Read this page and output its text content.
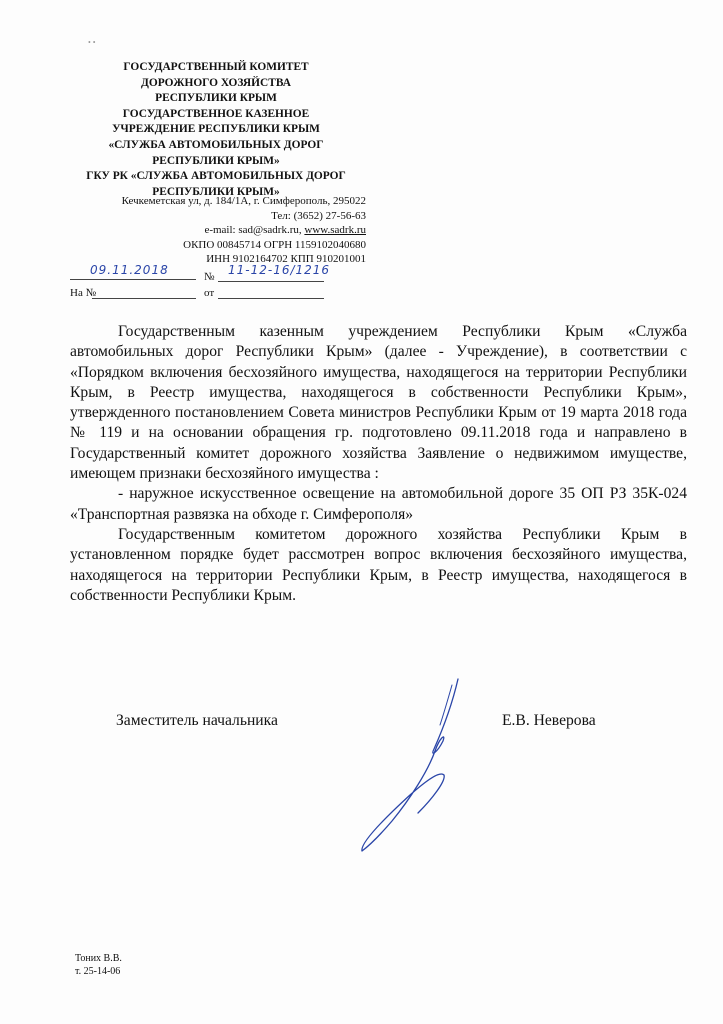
• •
ГОСУДАРСТВЕННЫЙ КОМИТЕТ
ДОРОЖНОГО ХОЗЯЙСТВА
РЕСПУБЛИКИ КРЫМ
ГОСУДАРСТВЕННОЕ КАЗЕННОЕ
УЧРЕЖДЕНИЕ РЕСПУБЛИКИ КРЫМ
«СЛУЖБА АВТОМОБИЛЬНЫХ ДОРОГ
РЕСПУБЛИКИ КРЫМ»
ГКУ РК «СЛУЖБА АВТОМОБИЛЬНЫХ ДОРОГ
РЕСПУБЛИКИ КРЫМ»
Кечкеметская ул, д. 184/1А, г. Симферополь, 295022
Тел: (3652) 27-56-63
e-mail: sad@sadrk.ru, www.sadrk.ru
ОКПО 00845714 ОГРН 1159102040680
ИНН 9102164702 КПП 910201001
09.11.2018	№ 11-12-16/1216
На №	от

Государственным казенным учреждением Республики Крым «Служба автомобильных дорог Республики Крым» (далее - Учреждение), в соответствии с «Порядком включения бесхозяйного имущества, находящегося на территории Республики Крым, в Реестр имущества, находящегося в собственности Республики Крым», утвержденного постановлением Совета министров Республики Крым от 19 марта 2018 года № 119 и на основании обращения гр. подготовлено 09.11.2018 года и направлено в Государственный комитет дорожного хозяйства Заявление о недвижимом имуществе, имеющем признаки бесхозяйного имущества :

- наружное искусственное освещение на автомобильной дороге 35 ОП РЗ 35К-024 «Транспортная развязка на обходе г. Симферополя»

Государственным комитетом дорожного хозяйства Республики Крым в установленном порядке будет рассмотрен вопрос включения бесхозяйного имущества, находящегося на территории Республики Крым, в Реестр имущества, находящегося в собственности Республики Крым.

Заместитель начальника	Е.В. Неверова
Тоних В.В.
т. 25-14-06
